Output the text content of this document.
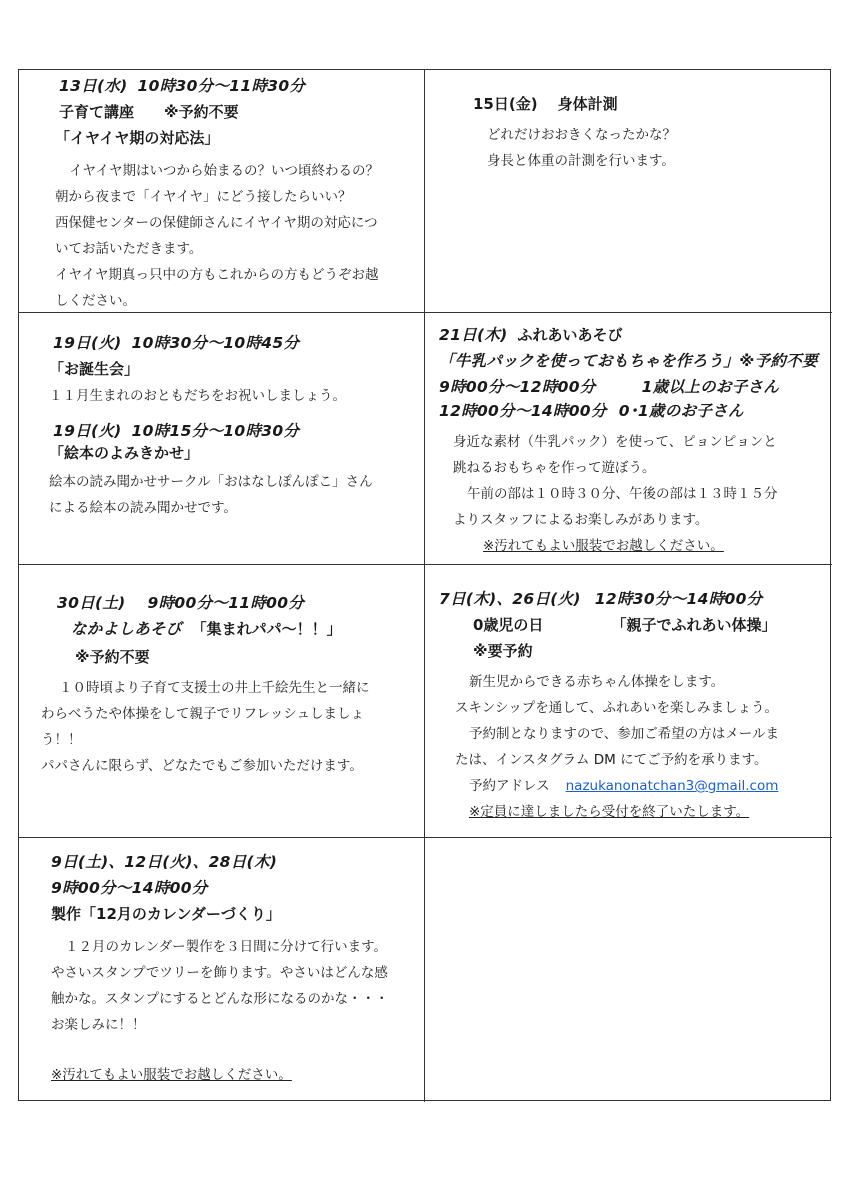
13日(水) 10時30分～11時30分
子育て講座 ※予約不要
「イヤイヤ期の対応法」
イヤイヤ期はいつから始まるの？いつ頃終わるの？
朝から夜まで「イヤイヤ」にどう接したらいい？
西保健センターの保健師さんにイヤイヤ期の対応につ
いてお話いただきます。
イヤイヤ期真っ只中の方もこれからの方もどうぞお越
しください。
15日(金) 身体計測
どれだけおおきくなったかな？
身長と体重の計測を行います。
19日(火) 10時30分～10時45分
「お誕生会」
１１月生まれのおともだちをお祝いしましょう。
19日(火) 10時15分～10時30分
「絵本のよみきかせ」
絵本の読み聞かせサークル「おはなしぽんぽこ」さん
による絵本の読み聞かせです。
21日(木) ふれあいあそび
「牛乳パックを使っておもちゃを作ろう」※予約不要
9時00分～12時00分	1歳以上のお子さん
12時00分～14時00分 0･1歳のお子さん
身近な素材（牛乳パック）を使って、ピョンピョンと
跳ねるおもちゃを作って遊ぼう。
午前の部は１０時３０分、午後の部は１３時１５分
よりスタッフによるお楽しみがあります。
※汚れてもよい服装でお越しください。
30日(土) 9時00分～11時00分
なかよしあそび 「集まれパパ～！！」
※予約不要
１０時頃より子育て支援士の井上千絵先生と一緒に
わらべうたや体操をして親子でリフレッシュしましょ
う！！
パパさんに限らず、どなたでもご参加いただけます。
7日(木)、26日(火) 12時30分～14時00分
0歳児の日	「親子でふれあい体操」
※要予約
新生児からできる赤ちゃん体操をします。
スキンシップを通して、ふれあいを楽しみましょう。
予約制となりますので、参加ご希望の方はメールま
たは、インスタグラム DM にてご予約を承ります。
予約アドレス nazukanonatchan3@gmail.com
※定員に達しましたら受付を終了いたします。
9日(土)、12日(火)、28日(木)
9時00分～14時00分
製作「12月のカレンダーづくり」
１２月のカレンダー製作を３日間に分けて行います。
やさいスタンプでツリーを飾ります。やさいはどんな感
触かな。スタンプにするとどんな形になるのかな・・・
お楽しみに！！
※汚れてもよい服装でお越しください。
